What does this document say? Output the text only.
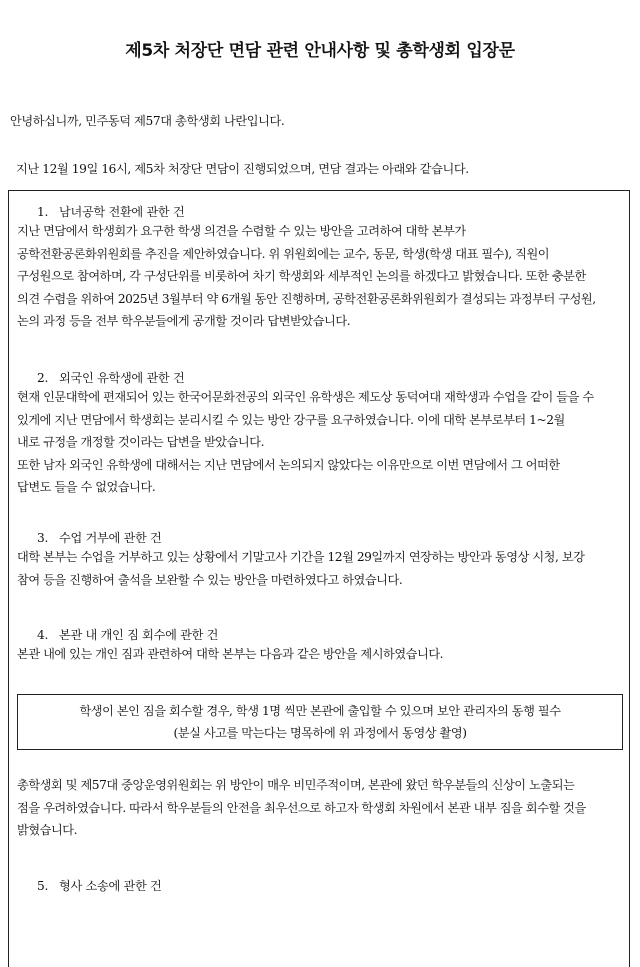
제5차 처장단 면담 관련 안내사항 및 총학생회 입장문
안녕하십니까, 민주동덕 제57대 총학생회 나란입니다.
지난 12월 19일 16시, 제5차 처장단 면담이 진행되었으며, 면담 결과는 아래와 같습니다.
1. 남녀공학 전환에 관한 건
지난 면담에서 학생회가 요구한 학생 의견을 수렴할 수 있는 방안을 고려하여 대학 본부가
공학전환공론화위원회를 추진을 제안하였습니다. 위 위원회에는 교수, 동문, 학생(학생 대표 필수), 직원이
구성원으로 참여하며, 각 구성단위를 비롯하여 차기 학생회와 세부적인 논의를 하겠다고 밝혔습니다. 또한 충분한
의견 수렴을 위하여 2025년 3월부터 약 6개월 동안 진행하며, 공학전환공론화위원회가 결성되는 과정부터 구성원,
논의 과정 등을 전부 학우분들에게 공개할 것이라 답변받았습니다.
2. 외국인 유학생에 관한 건
현재 인문대학에 편재되어 있는 한국어문화전공의 외국인 유학생은 제도상 동덕여대 재학생과 수업을 같이 들을 수
있게에 지난 면담에서 학생회는 분리시킬 수 있는 방안 강구를 요구하였습니다. 이에 대학 본부로부터 1~2월
내로 규정을 개정할 것이라는 답변을 받았습니다.
또한 남자 외국인 유학생에 대해서는 지난 면담에서 논의되지 않았다는 이유만으로 이번 면담에서 그 어떠한
답변도 들을 수 없었습니다.
3. 수업 거부에 관한 건
대학 본부는 수업을 거부하고 있는 상황에서 기말고사 기간을 12월 29일까지 연장하는 방안과 동영상 시청, 보강
참여 등을 진행하여 출석을 보완할 수 있는 방안을 마련하였다고 하였습니다.
4. 본관 내 개인 짐 회수에 관한 건
본관 내에 있는 개인 짐과 관련하여 대학 본부는 다음과 같은 방안을 제시하였습니다.
학생이 본인 짐을 회수할 경우, 학생 1명 씩만 본관에 출입할 수 있으며 보안 관리자의 동행 필수
(분실 사고를 막는다는 명목하에 위 과정에서 동영상 촬영)
총학생회 및 제57대 중앙운영위원회는 위 방안이 매우 비민주적이며, 본관에 왔던 학우분들의 신상이 노출되는
점을 우려하였습니다. 따라서 학우분들의 안전을 최우선으로 하고자 학생회 차원에서 본관 내부 짐을 회수할 것을
밝혔습니다.
5. 형사 소송에 관한 건
